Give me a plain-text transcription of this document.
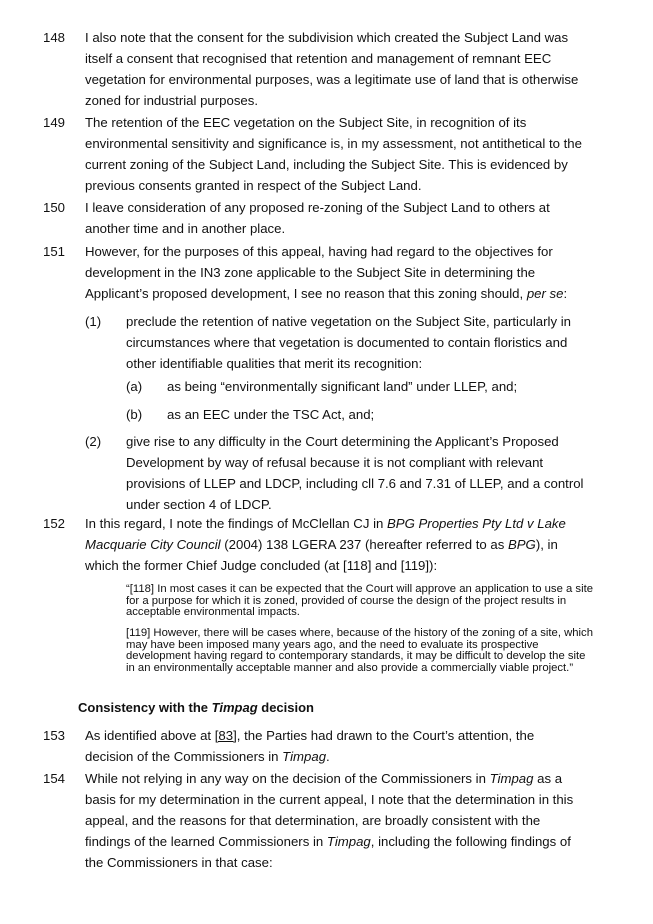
148 I also note that the consent for the subdivision which created the Subject Land was itself a consent that recognised that retention and management of remnant EEC vegetation for environmental purposes, was a legitimate use of land that is otherwise zoned for industrial purposes.
149 The retention of the EEC vegetation on the Subject Site, in recognition of its environmental sensitivity and significance is, in my assessment, not antithetical to the current zoning of the Subject Land, including the Subject Site. This is evidenced by previous consents granted in respect of the Subject Land.
150 I leave consideration of any proposed re-zoning of the Subject Land to others at another time and in another place.
151 However, for the purposes of this appeal, having had regard to the objectives for development in the IN3 zone applicable to the Subject Site in determining the Applicant’s proposed development, I see no reason that this zoning should, per se:
(1) preclude the retention of native vegetation on the Subject Site, particularly in circumstances where that vegetation is documented to contain floristics and other identifiable qualities that merit its recognition:
(a) as being “environmentally significant land” under LLEP, and;
(b) as an EEC under the TSC Act, and;
(2) give rise to any difficulty in the Court determining the Applicant’s Proposed Development by way of refusal because it is not compliant with relevant provisions of LLEP and LDCP, including cll 7.6 and 7.31 of LLEP, and a control under section 4 of LDCP.
152 In this regard, I note the findings of McClellan CJ in BPG Properties Pty Ltd v Lake Macquarie City Council (2004) 138 LGERA 237 (hereafter referred to as BPG), in which the former Chief Judge concluded (at [118] and [119]):
“[118] In most cases it can be expected that the Court will approve an application to use a site for a purpose for which it is zoned, provided of course the design of the project results in acceptable environmental impacts.
[119] However, there will be cases where, because of the history of the zoning of a site, which may have been imposed many years ago, and the need to evaluate its prospective development having regard to contemporary standards, it may be difficult to develop the site in an environmentally acceptable manner and also provide a commercially viable project.”
Consistency with the Timpag decision
153 As identified above at [83], the Parties had drawn to the Court’s attention, the decision of the Commissioners in Timpag.
154 While not relying in any way on the decision of the Commissioners in Timpag as a basis for my determination in the current appeal, I note that the determination in this appeal, and the reasons for that determination, are broadly consistent with the findings of the learned Commissioners in Timpag, including the following findings of the Commissioners in that case:
